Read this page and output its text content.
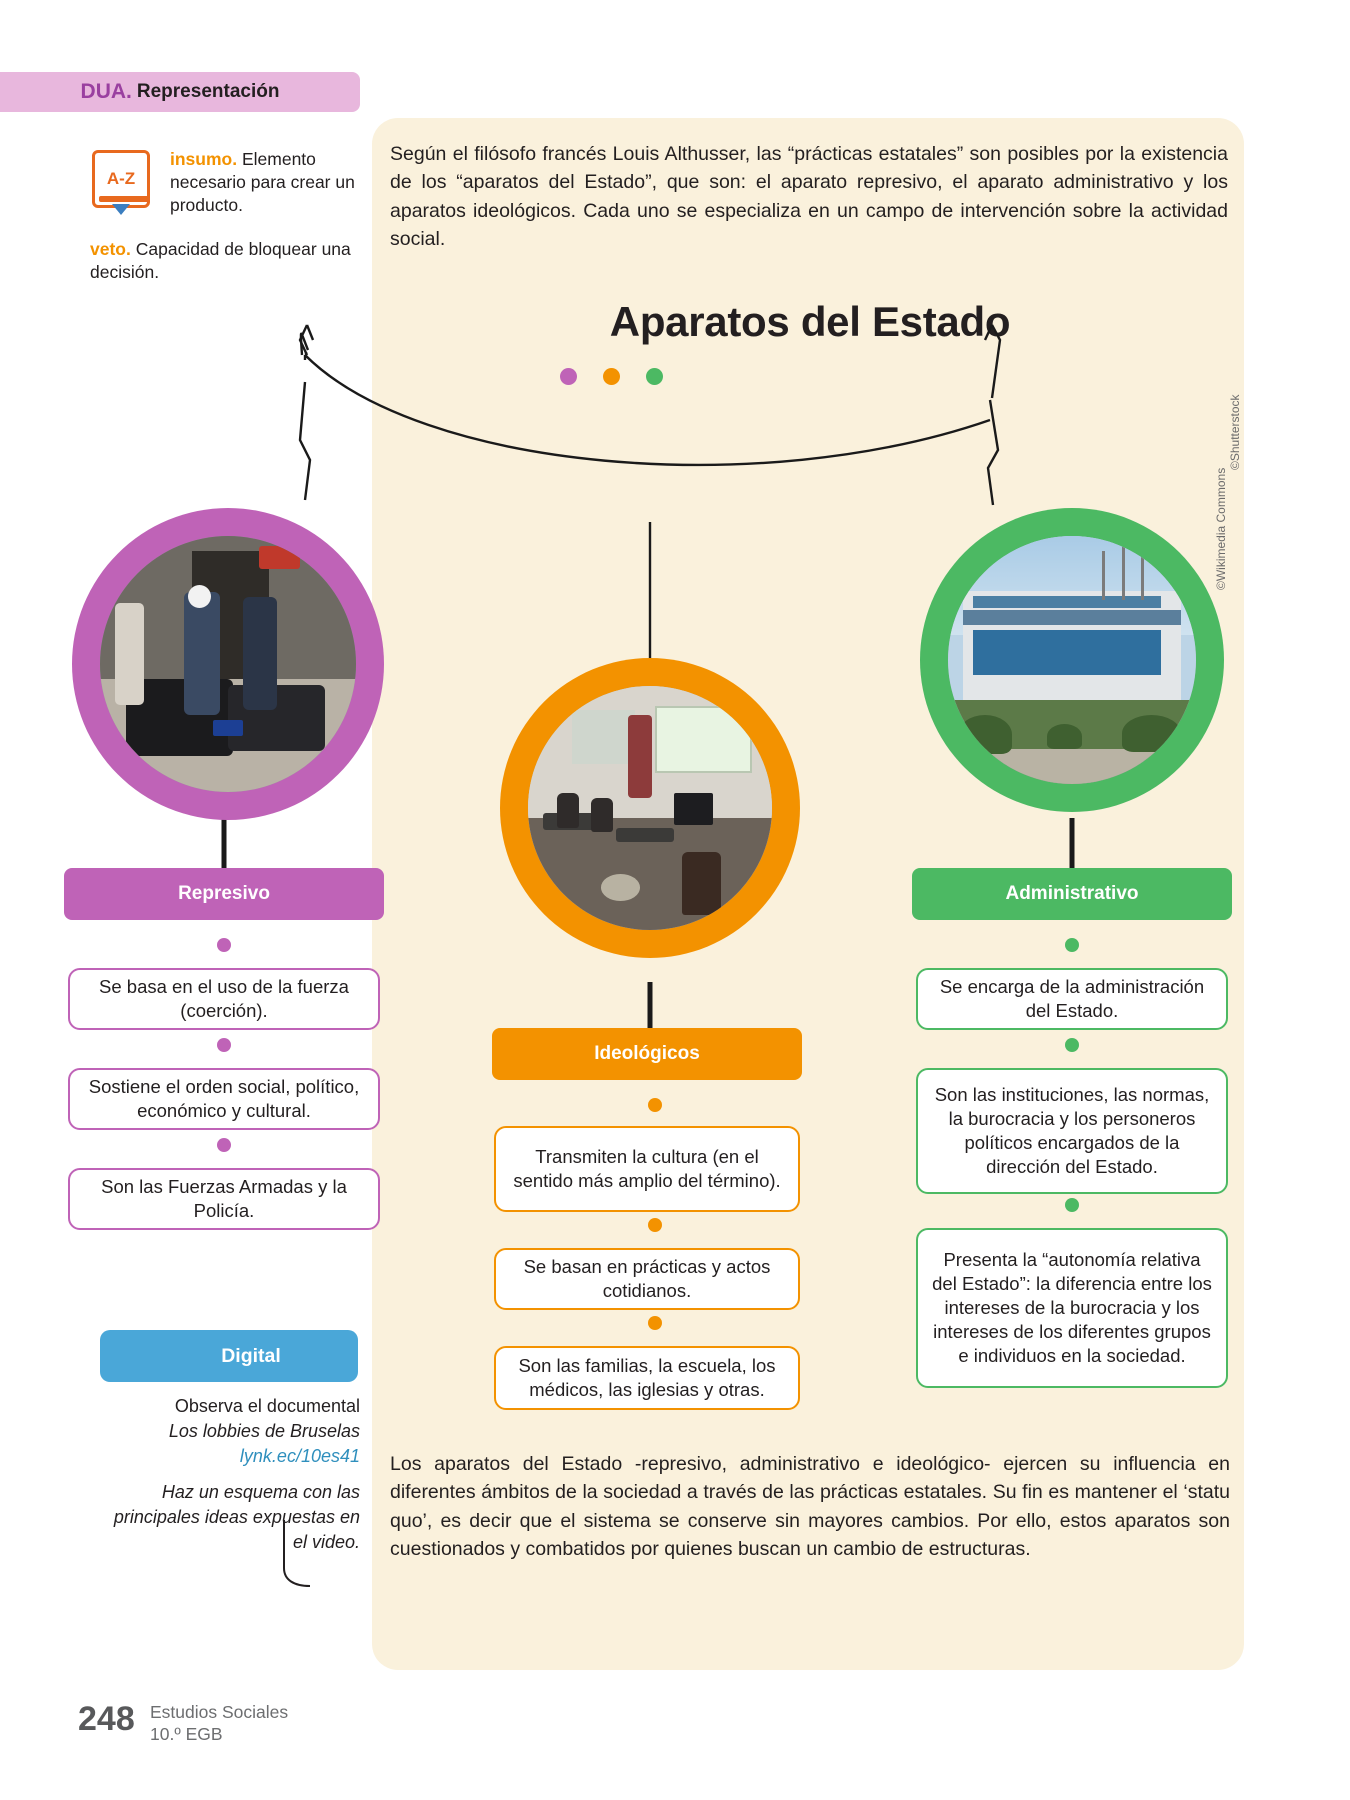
DUA. Representación
A-Z
insumo. Elemento necesario para crear un producto.
veto. Capacidad de bloquear una decisión.
Según el filósofo francés Louis Althusser, las “prácticas estatales” son posibles por la existencia de los “aparatos del Estado”, que son: el aparato represivo, el aparato administrativo y los aparatos ideológicos. Cada uno se especializa en un campo de intervención sobre la actividad social.
Aparatos del Estado
©Shutterstock
©Wikimedia Commons
Represivo
Se basa en el uso de la fuerza (coerción).
Sostiene el orden social, político, económico y cultural.
Son las Fuerzas Armadas y la Policía.
Ideológicos
Transmiten la cultura (en el sentido más amplio del término).
Se basan en prácticas y actos cotidianos.
Son las familias, la escuela, los médicos, las iglesias y otras.
Administrativo
Se encarga de la administración del Estado.
Son las instituciones, las normas, la burocracia y los personeros políticos encargados de la dirección del Estado.
Presenta la “autonomía relativa del Estado”: la diferencia entre los intereses de la burocracia y los intereses de los diferentes grupos e individuos en la sociedad.
Digital
Observa el documental
Los lobbies de Bruselas
lynk.ec/10es41
Haz un esquema con las principales ideas expuestas en el video.
Los aparatos del Estado -represivo, administrativo e ideológico- ejercen su influencia en diferentes ámbitos de la sociedad a través de las prácticas estatales. Su fin es mantener el ‘statu quo’, es decir que el sistema se conserve sin mayores cambios. Por ello, estos aparatos son cuestionados y combatidos por quienes buscan un cambio de estructuras.
248 Estudios Sociales
10.º EGB
